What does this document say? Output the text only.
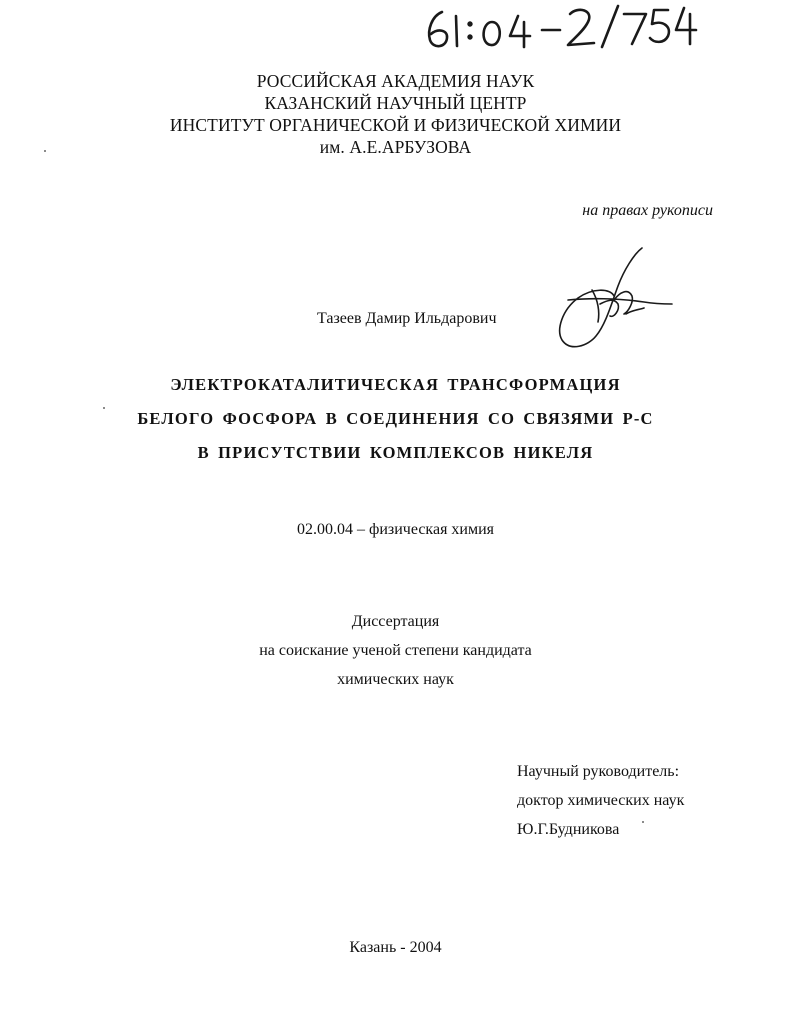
РОССИЙСКАЯ АКАДЕМИЯ НАУК
КАЗАНСКИЙ НАУЧНЫЙ ЦЕНТР
ИНСТИТУТ ОРГАНИЧЕСКОЙ И ФИЗИЧЕСКОЙ ХИМИИ
им. А.Е.АРБУЗОВА
на правах рукописи
Тазеев Дамир Ильдарович
ЭЛЕКТРОКАТАЛИТИЧЕСКАЯ ТРАНСФОРМАЦИЯ
БЕЛОГО ФОСФОРА В СОЕДИНЕНИЯ СО СВЯЗЯМИ Р-С
В ПРИСУТСТВИИ КОМПЛЕКСОВ НИКЕЛЯ
02.00.04 – физическая химия
Диссертация
на соискание ученой степени кандидата
химических наук
Научный руководитель:
доктор химических наук
Ю.Г.Будникова
Казань - 2004
